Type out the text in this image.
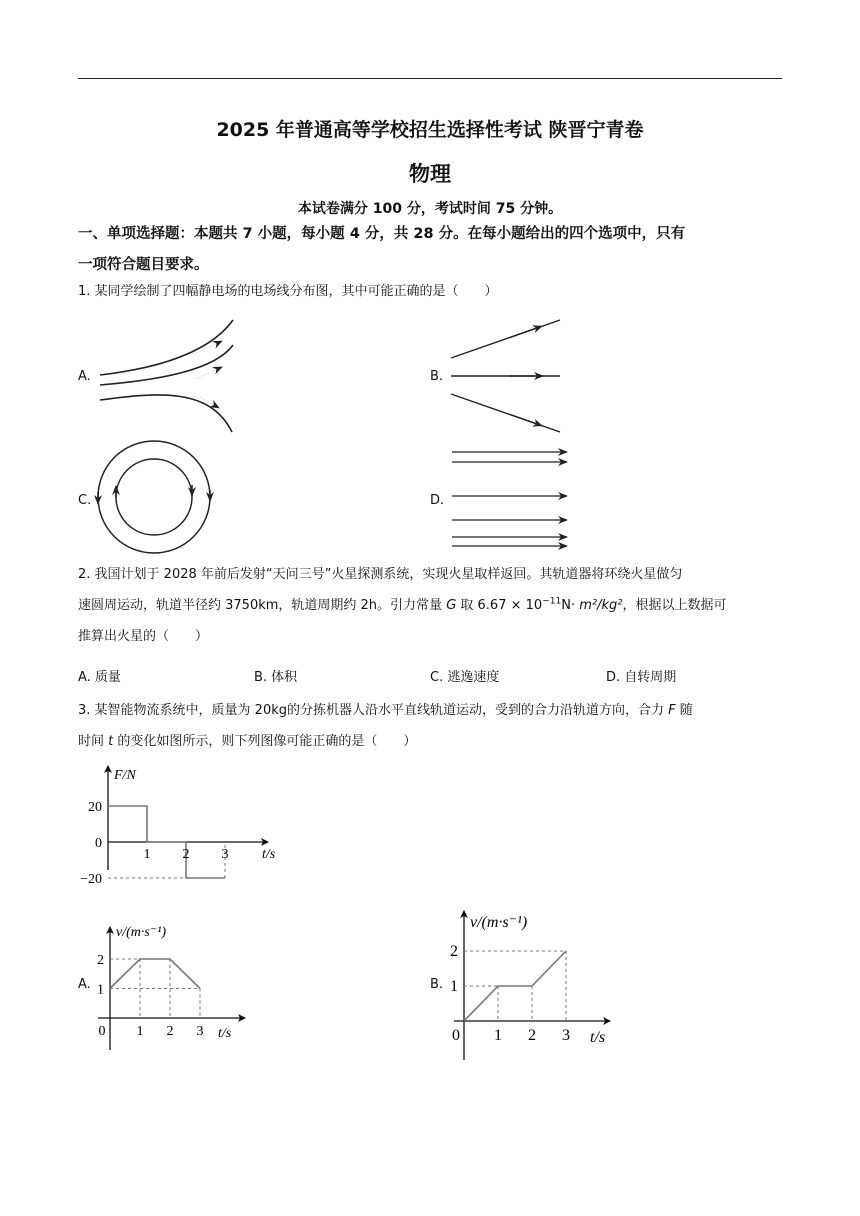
2025 年普通高等学校招生选择性考试 陕晋宁青卷
物理
本试卷满分 100 分，考试时间 75 分钟。
一、单项选择题：本题共 7 小题，每小题 4 分，共 28 分。在每小题给出的四个选项中，只有
一项符合题目要求。
1. 某同学绘制了四幅静电场的电场线分布图，其中可能正确的是（　　）
A.	B.
C.	D.
2. 我国计划于 2028 年前后发射“天问三号”火星探测系统，实现火星取样返回。其轨道器将环绕火星做匀
速圆周运动，轨道半径约 3750km，轨道周期约 2h。引力常量 G 取 $6.67 \times 10^{-11}N\cdot m^2/kg^2$，根据以上数据可
推算出火星的（　　）
A. 质量	B. 体积	C. 逃逸速度	D. 自转周期
3. 某智能物流系统中，质量为 20kg的分拣机器人沿水平直线轨道运动，受到的合力沿轨道方向，合力 F 随
时间 t 的变化如图所示，则下列图像可能正确的是（　　）
A.	B.
20
0
−20
1 2 3 t/s
F/N
1
2
0 1 2 3 t/s
v/(m·s⁻¹)
1
2
0 1 2 3 t/s
v/(m·s⁻¹)
